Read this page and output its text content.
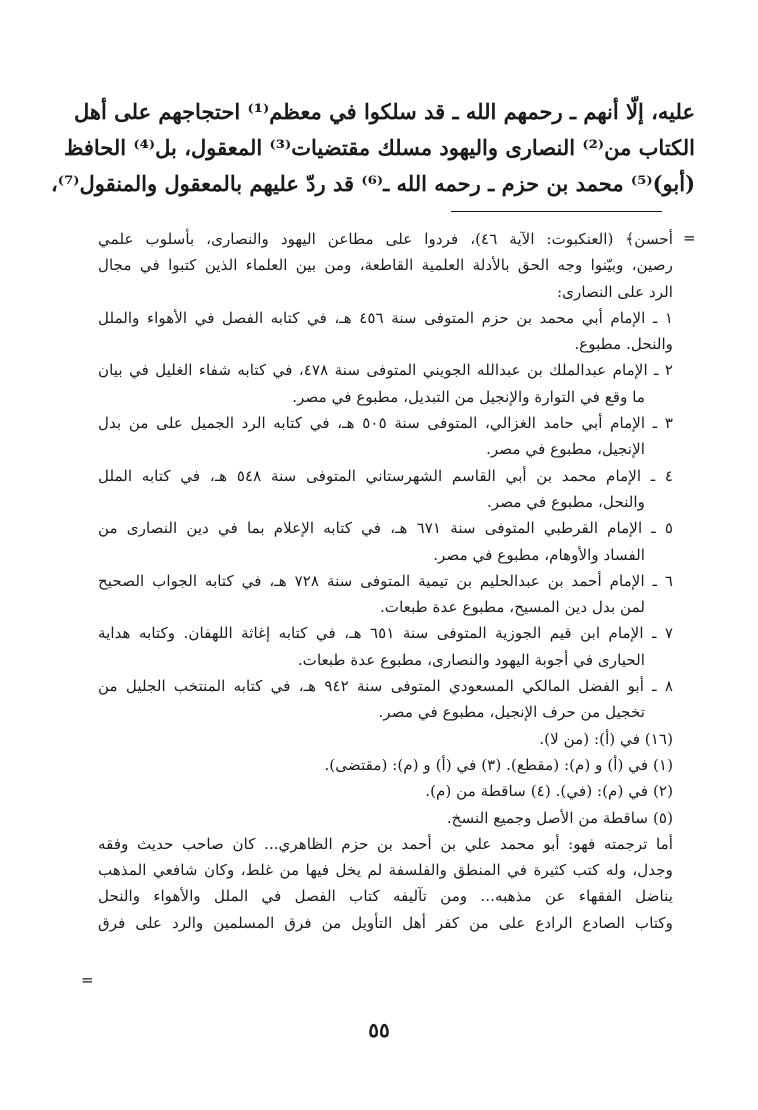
عليه، إلّا أنهم ـ رحمهم الله ـ قد سلكوا في معظم⁽¹⁾ احتجاجهم على أهل
الكتاب من⁽²⁾ النصارى واليهود مسلك مقتضيات⁽³⁾ المعقول، بل⁽⁴⁾ الحافظ
(أبو)⁽⁵⁾ محمد بن حزم ـ رحمه الله ـ⁽⁶⁾ قد ردّ عليهم بالمعقول والمنقول⁽⁷⁾،
=
أحسن﴾ (العنكبوت: الآية ٤٦)، فردوا على مطاعن اليهود والنصارى، بأسلوب علمي
رصين، وبيّنوا وجه الحق بالأدلة العلمية القاطعة، ومن بين العلماء الذين كتبوا في مجال
الرد على النصارى:
١ ـ الإمام أبي محمد بن حزم المتوفى سنة ٤٥٦ هـ، في كتابه الفصل في الأهواء والملل
والنحل. مطبوع.
٢ ـ الإمام عبدالملك بن عبدالله الجويني المتوفى سنة ٤٧٨، في كتابه شفاء الغليل في بيان
ما وقع في التوارة والإنجيل من التبديل، مطبوع في مصر.
٣ ـ الإمام أبي حامد الغزالي، المتوفى سنة ٥٠٥ هـ، في كتابه الرد الجميل على من بدل
الإنجيل، مطبوع في مصر.
٤ ـ الإمام محمد بن أبي القاسم الشهرستاني المتوفى سنة ٥٤٨ هـ، في كتابه الملل
والنحل، مطبوع في مصر.
٥ ـ الإمام القرطبي المتوفى سنة ٦٧١ هـ، في كتابه الإعلام بما في دين النصارى من
الفساد والأوهام، مطبوع في مصر.
٦ ـ الإمام أحمد بن عبدالحليم بن تيمية المتوفى سنة ٧٢٨ هـ، في كتابه الجواب الصحيح
لمن بدل دين المسيح، مطبوع عدة طبعات.
٧ ـ الإمام ابن قيم الجوزية المتوفى سنة ٦٥١ هـ، في كتابه إغاثة اللهفان. وكتابه هداية
الحيارى في أجوبة اليهود والنصارى، مطبوع عدة طبعات.
٨ ـ أبو الفضل المالكي المسعودي المتوفى سنة ٩٤٢ هـ، في كتابه المنتخب الجليل من
تخجيل من حرف الإنجيل، مطبوع في مصر.
(١٦) في (أ): (من لا).
(١) في (أ) و (م): (مقطع). (٣) في (أ) و (م): (مقتضى).
(٢) في (م): (في). (٤) ساقطة من (م).
(٥) ساقطة من الأصل وجميع النسخ.
أما ترجمته فهو: أبو محمد علي بن أحمد بن حزم الظاهري... كان صاحب حديث وفقه
وجدل، وله كتب كثيرة في المنطق والفلسفة لم يخل فيها من غلط، وكان شافعي المذهب
يناضل الفقهاء عن مذهبه... ومن تآليفه كتاب الفصل في الملل والأهواء والنحل
وكتاب الصادع الرادع على من كفر أهل التأويل من فرق المسلمين والرد على فرق
=
٥٥
